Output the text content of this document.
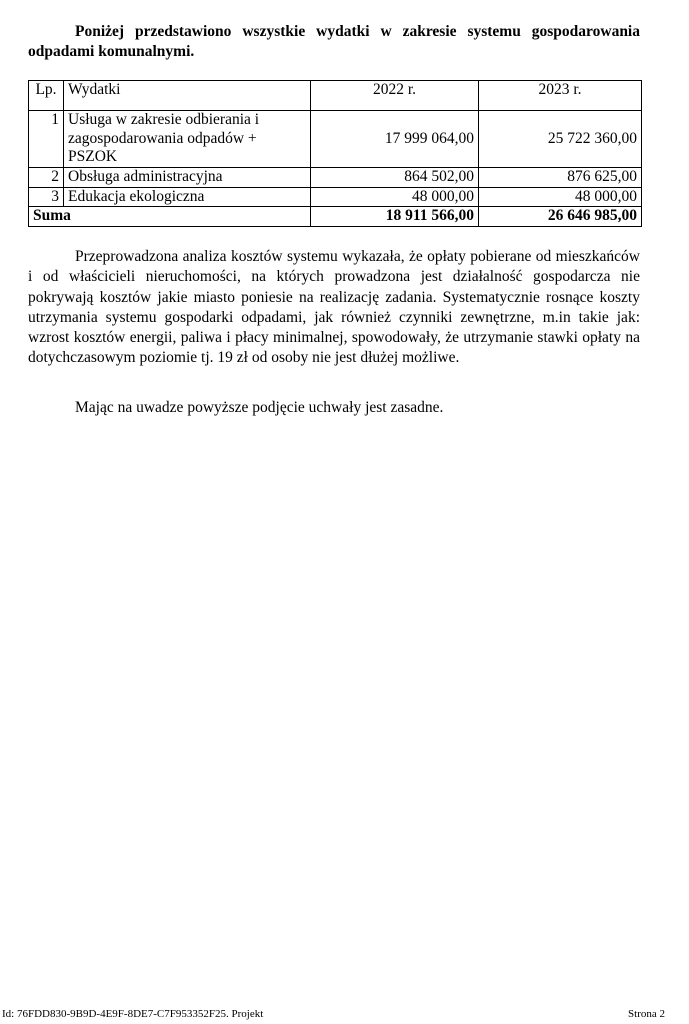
Poniżej przedstawiono wszystkie wydatki w zakresie systemu gospodarowania odpadami komunalnymi.

Lp.	Wydatki	2022 r.	2023 r.
1	Usługa w zakresie odbierania i zagospodarowania odpadów + PSZOK	17 999 064,00	25 722 360,00
2	Obsługa administracyjna	864 502,00	876 625,00
3	Edukacja ekologiczna	48 000,00	48 000,00
Suma		18 911 566,00	26 646 985,00

Przeprowadzona analiza kosztów systemu wykazała, że opłaty pobierane od mieszkańców i od właścicieli nieruchomości, na których prowadzona jest działalność gospodarcza nie pokrywają kosztów jakie miasto poniesie na realizację zadania. Systematycznie rosnące koszty utrzymania systemu gospodarki odpadami, jak również czynniki zewnętrzne, m.in takie jak: wzrost kosztów energii, paliwa i płacy minimalnej, spowodowały, że utrzymanie stawki opłaty na dotychczasowym poziomie tj. 19 zł od osoby nie jest dłużej możliwe.

Mając na uwadze powyższe podjęcie uchwały jest zasadne.

Id: 76FDD830-9B9D-4E9F-8DE7-C7F953352F25. Projekt	Strona 2
